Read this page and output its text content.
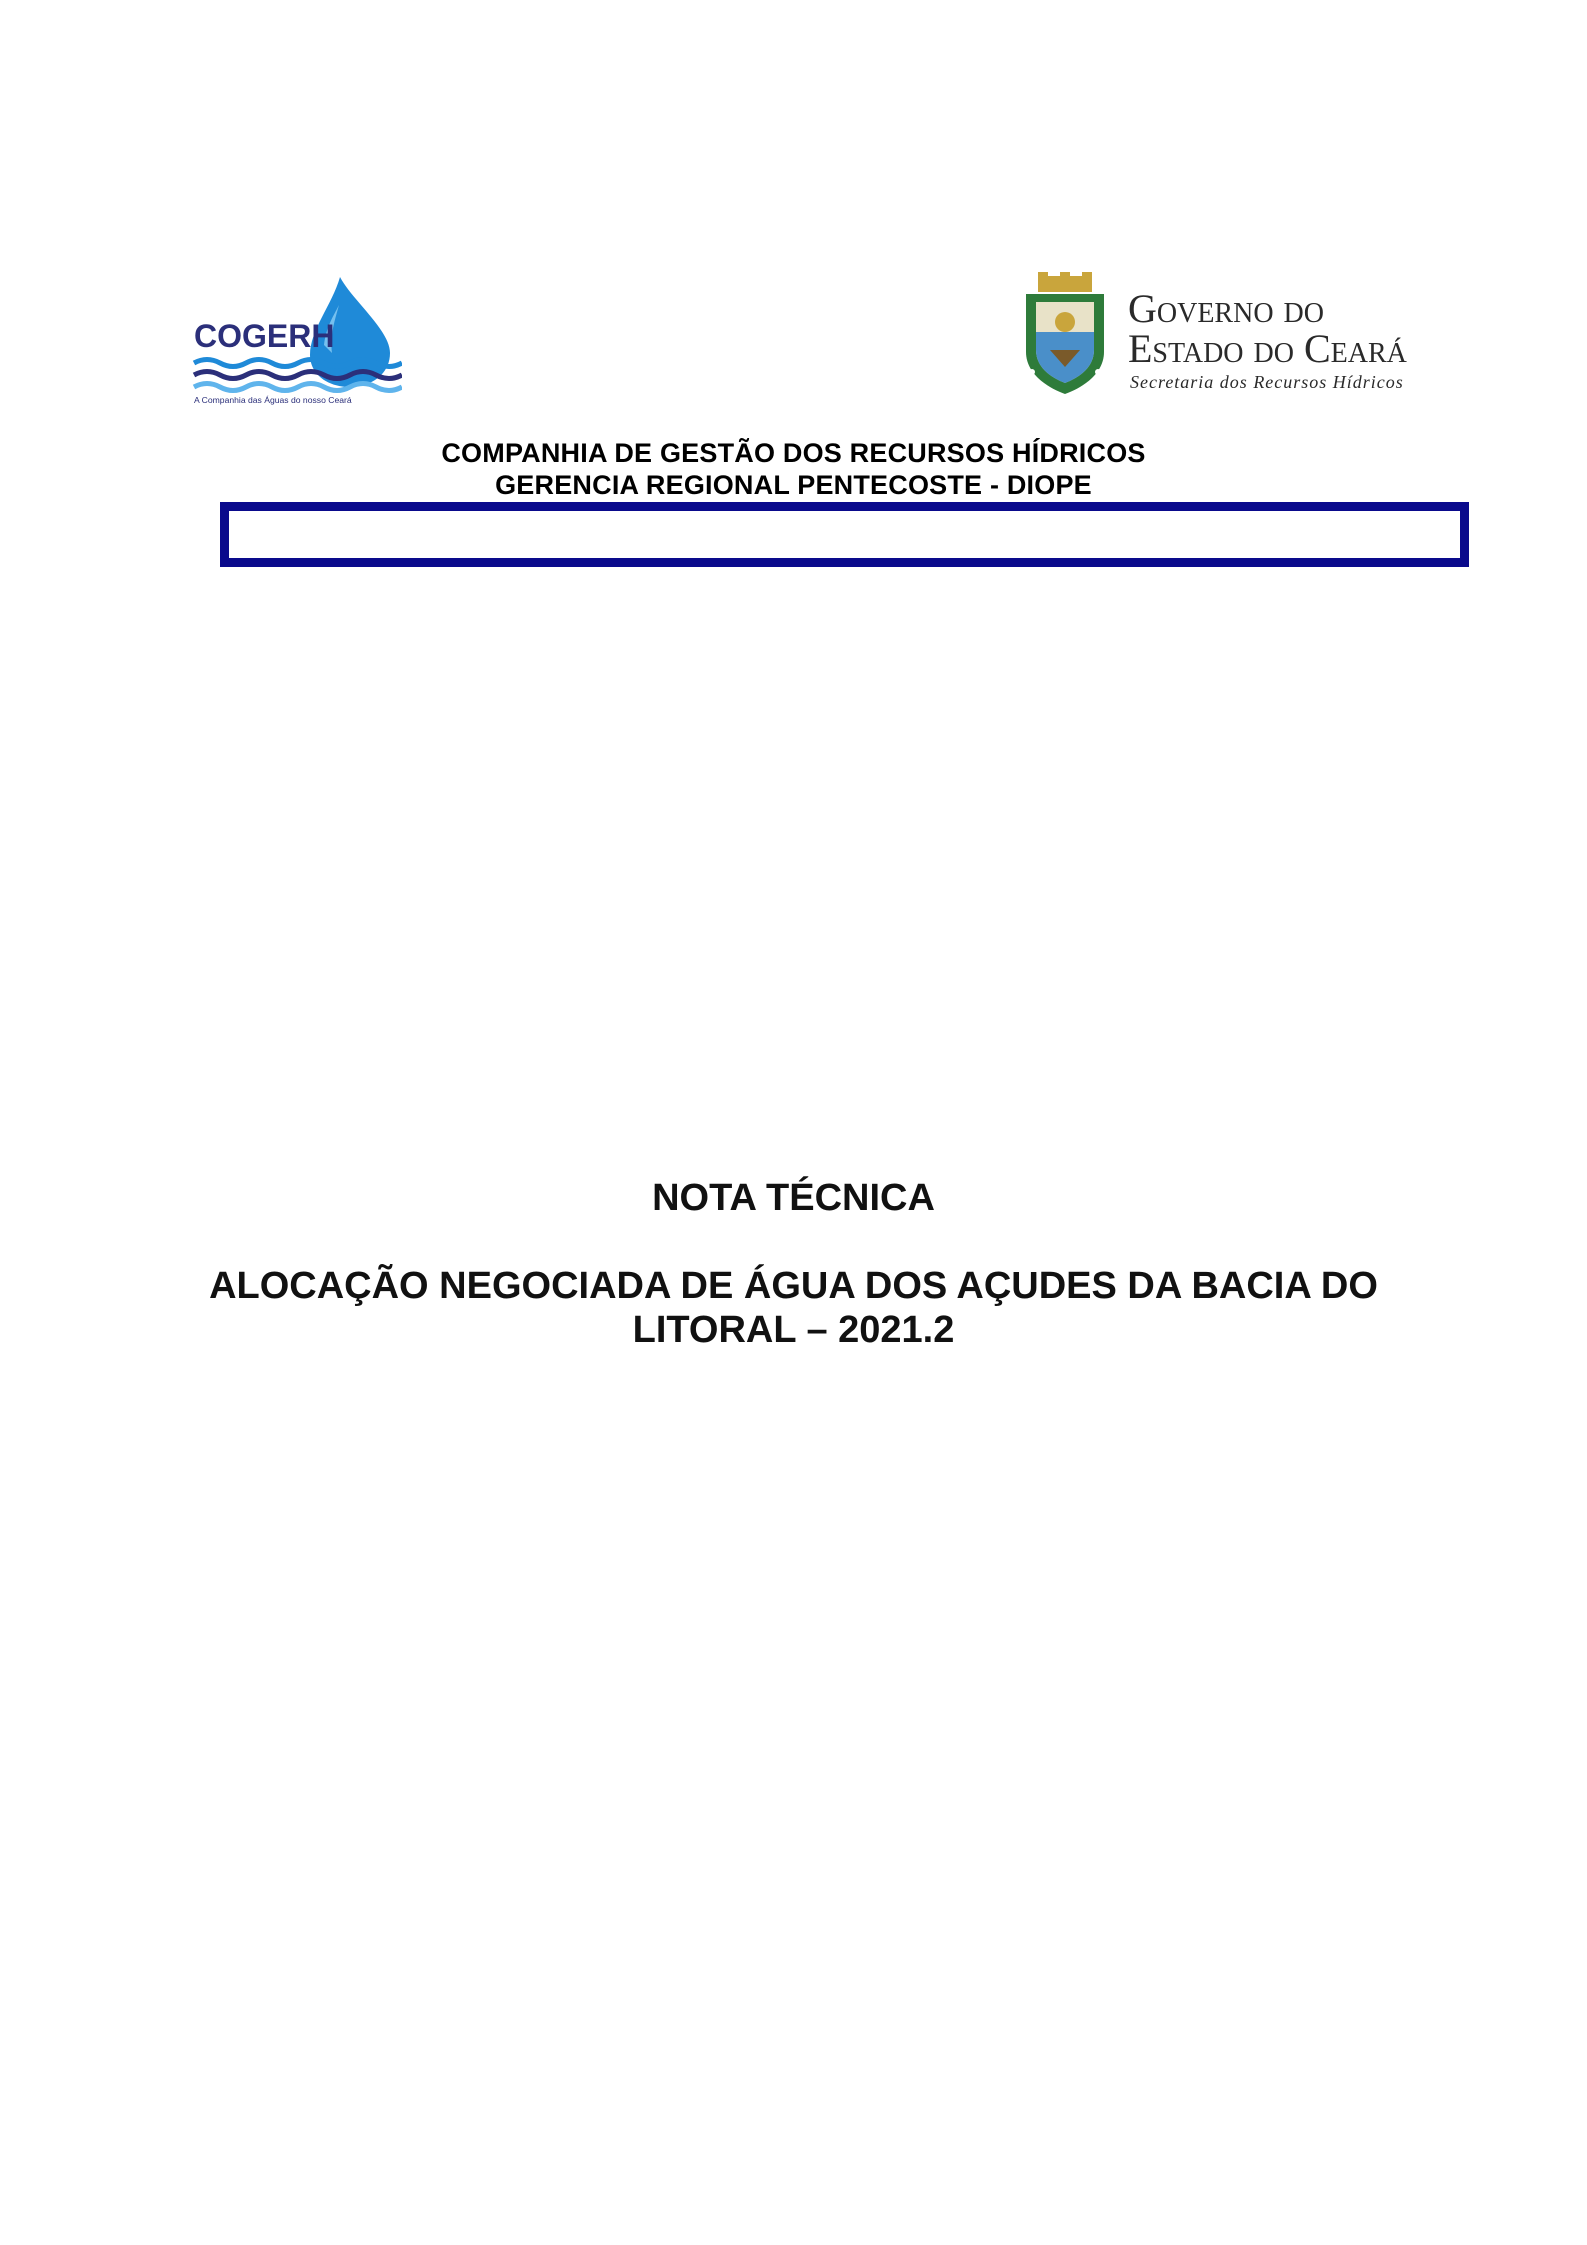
COGERH
A Companhia das Águas do nosso Ceará
Governo do
Estado do Ceará
Secretaria dos Recursos Hídricos
COMPANHIA DE GESTÃO DOS RECURSOS HÍDRICOS
GERENCIA REGIONAL PENTECOSTE - DIOPE
NOTA TÉCNICA
ALOCAÇÃO NEGOCIADA DE ÁGUA DOS AÇUDES DA BACIA DO
LITORAL – 2021.2
